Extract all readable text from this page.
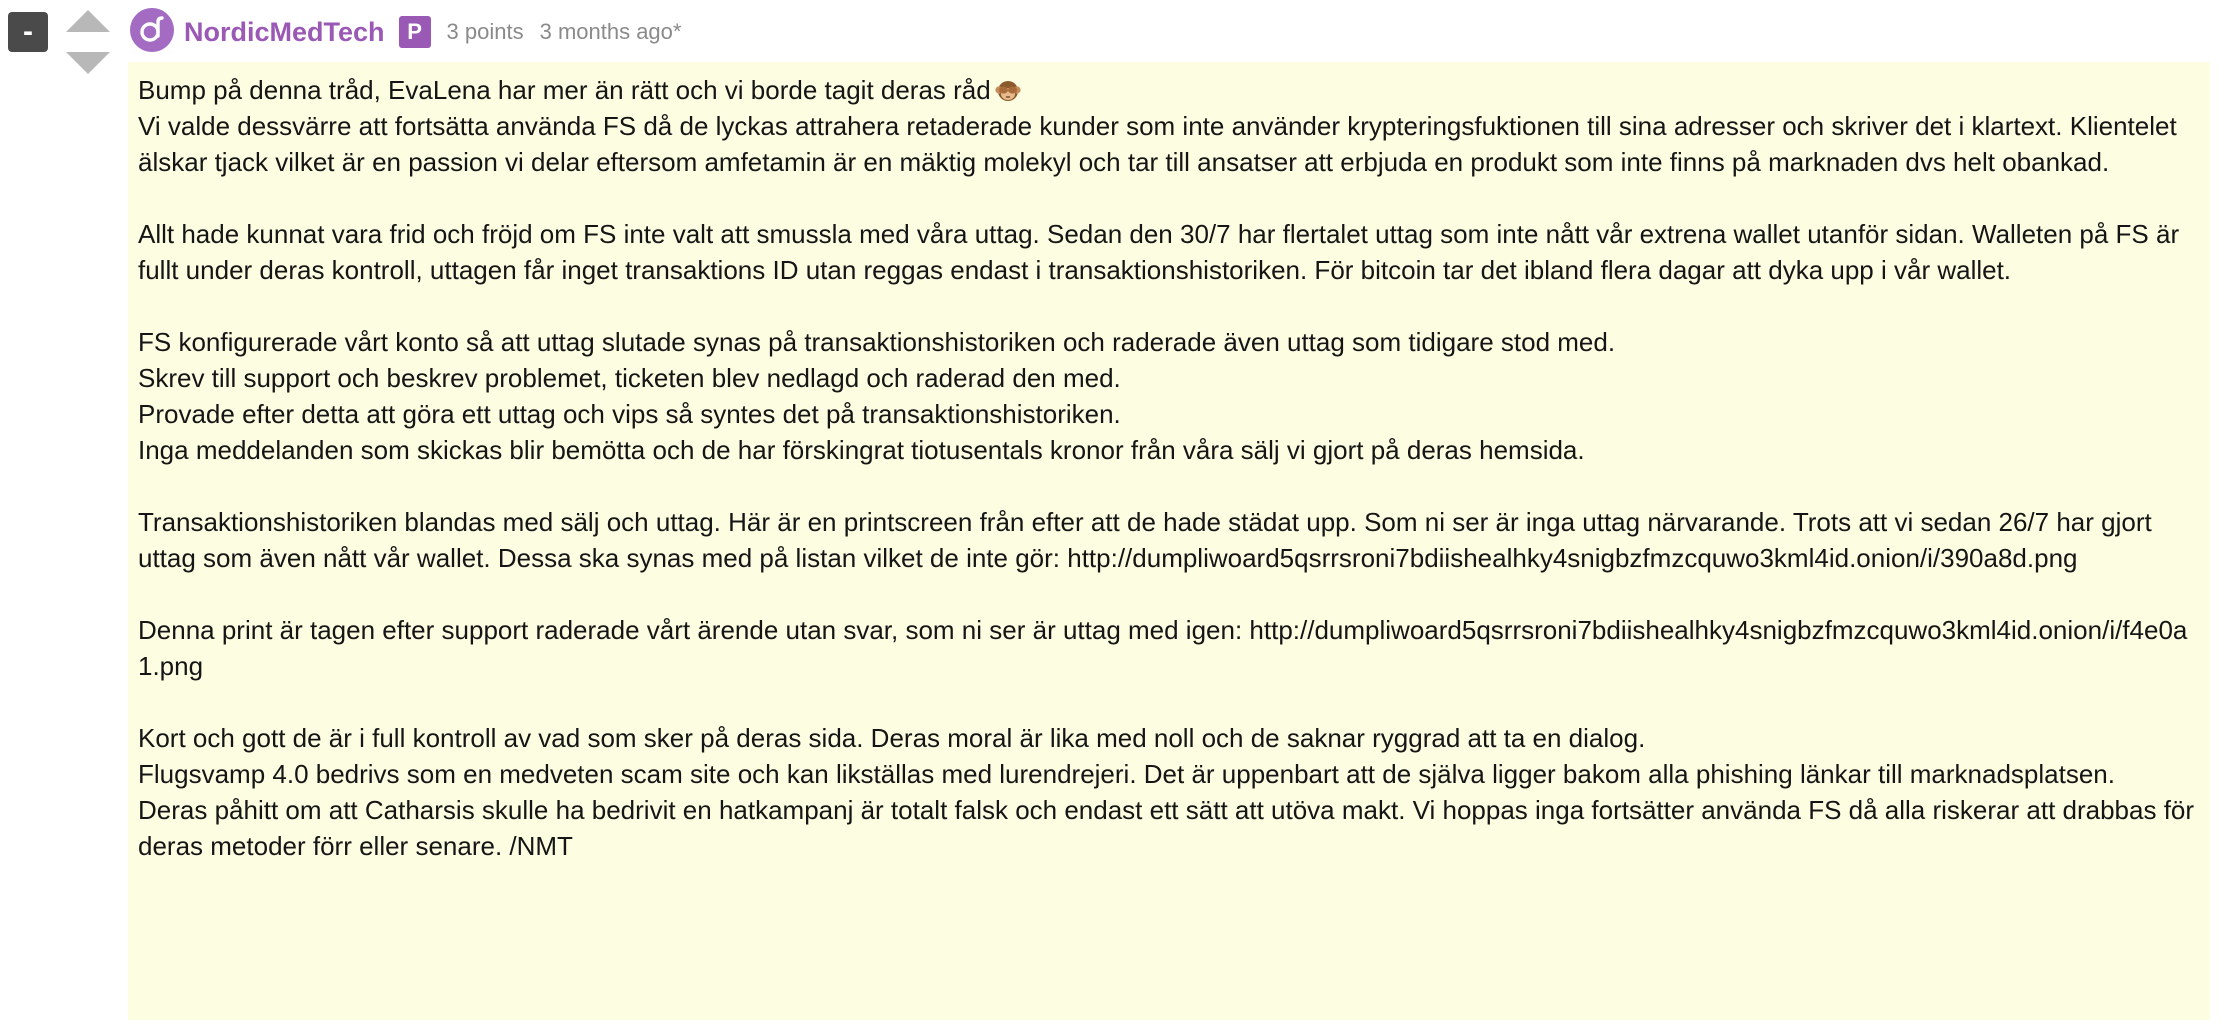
-	NordicMedTech	P	3 points 3 months ago*
Bump på denna tråd, EvaLena har mer än rätt och vi borde tagit deras råd
Vi valde dessvärre att fortsätta använda FS då de lyckas attrahera retaderade kunder som inte använder krypteringsfuktionen till sina adresser och skriver det i klartext. Klientelet älskar tjack vilket är en passion vi delar eftersom amfetamin är en mäktig molekyl och tar till ansatser att erbjuda en produkt som inte finns på marknaden dvs helt obankad.
Allt hade kunnat vara frid och fröjd om FS inte valt att smussla med våra uttag. Sedan den 30/7 har flertalet uttag som inte nått vår extrena wallet utanför sidan. Walleten på FS är fullt under deras kontroll, uttagen får inget transaktions ID utan reggas endast i transaktionshistoriken. För bitcoin tar det ibland flera dagar att dyka upp i vår wallet.
FS konfigurerade vårt konto så att uttag slutade synas på transaktionshistoriken och raderade även uttag som tidigare stod med.
Skrev till support och beskrev problemet, ticketen blev nedlagd och raderad den med.
Provade efter detta att göra ett uttag och vips så syntes det på transaktionshistoriken.
Inga meddelanden som skickas blir bemötta och de har förskingrat tiotusentals kronor från våra sälj vi gjort på deras hemsida.
Transaktionshistoriken blandas med sälj och uttag. Här är en printscreen från efter att de hade städat upp. Som ni ser är inga uttag närvarande. Trots att vi sedan 26/7 har gjort uttag som även nått vår wallet. Dessa ska synas med på listan vilket de inte gör: http://dumpliwoard5qsrrsroni7bdiishealhky4snigbzfmzcquwo3kml4id.onion/i/390a8d.png
Denna print är tagen efter support raderade vårt ärende utan svar, som ni ser är uttag med igen: http://dumpliwoard5qsrrsroni7bdiishealhky4snigbzfmzcquwo3kml4id.onion/i/f4e0a1.png
Kort och gott de är i full kontroll av vad som sker på deras sida. Deras moral är lika med noll och de saknar ryggrad att ta en dialog.
Flugsvamp 4.0 bedrivs som en medveten scam site och kan likställas med lurendrejeri. Det är uppenbart att de själva ligger bakom alla phishing länkar till marknadsplatsen.
Deras påhitt om att Catharsis skulle ha bedrivit en hatkampanj är totalt falsk och endast ett sätt att utöva makt. Vi hoppas inga fortsätter använda FS då alla riskerar att drabbas för deras metoder förr eller senare. /NMT
